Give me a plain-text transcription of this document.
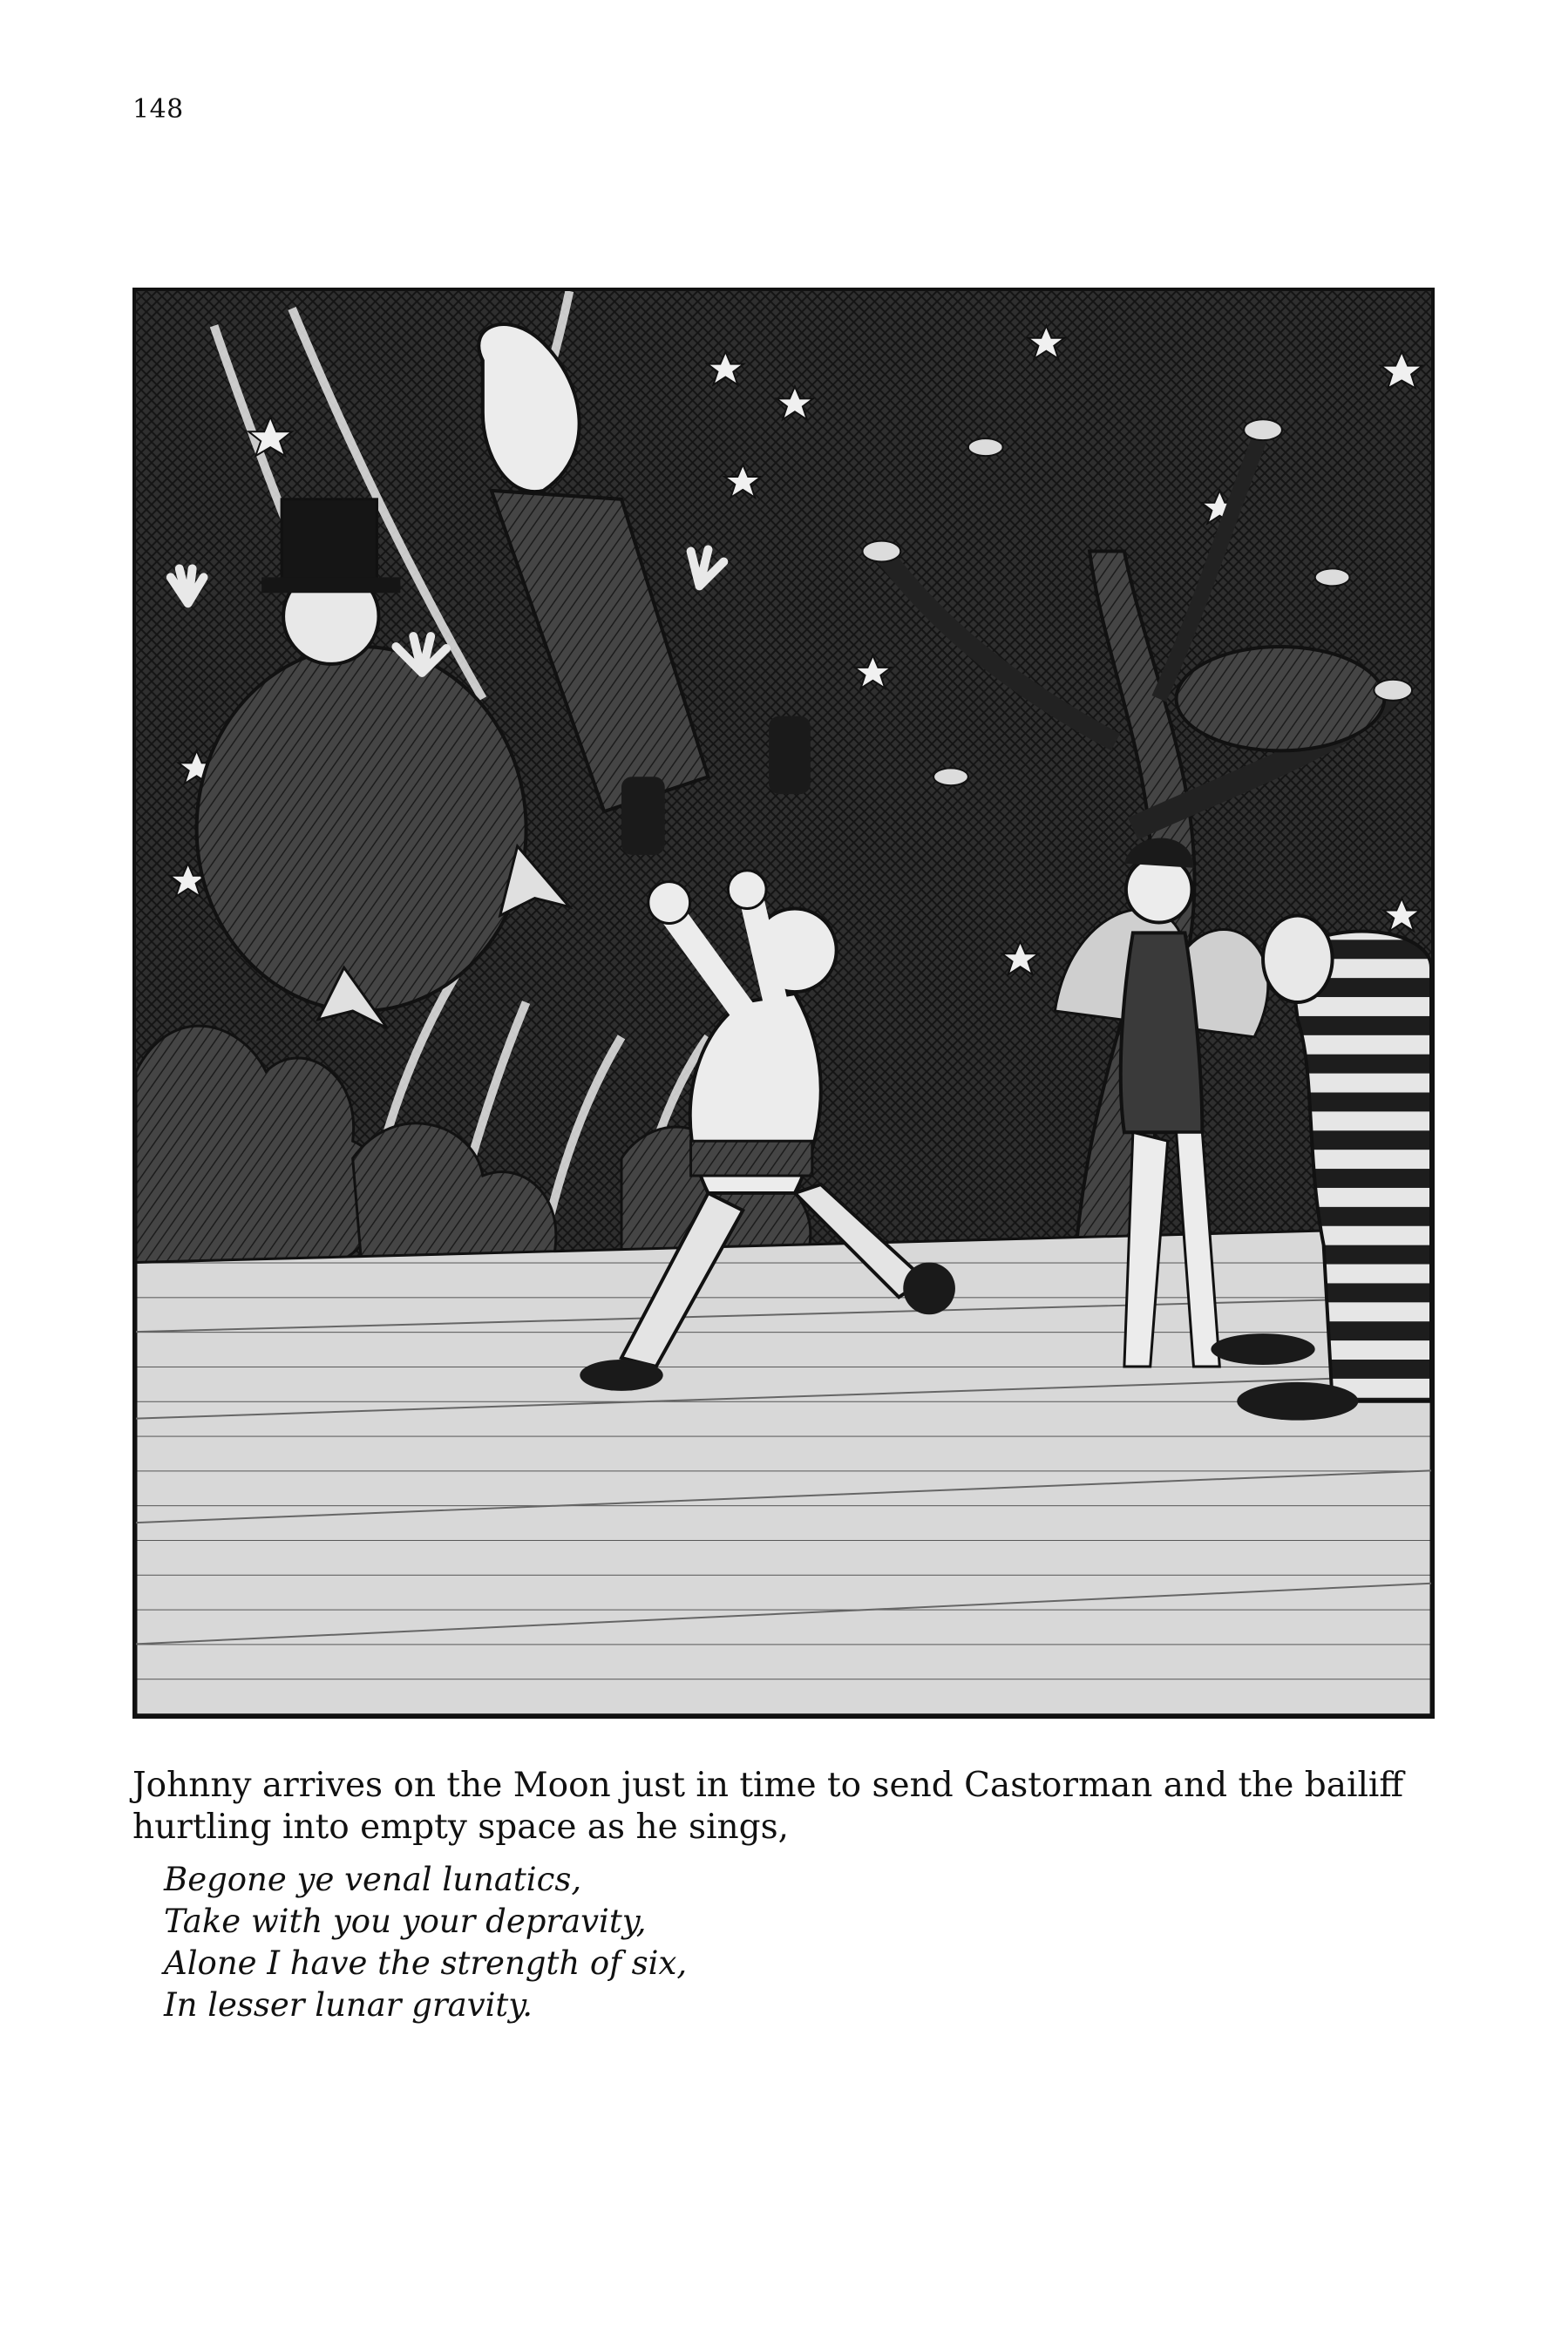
148
Johnny arrives on the Moon just in time to send Castorman and the bailiff hurtling into empty space as he sings,
Begone ye venal lunatics,
Take with you your depravity,
Alone I have the strength of six,
In lesser lunar gravity.
